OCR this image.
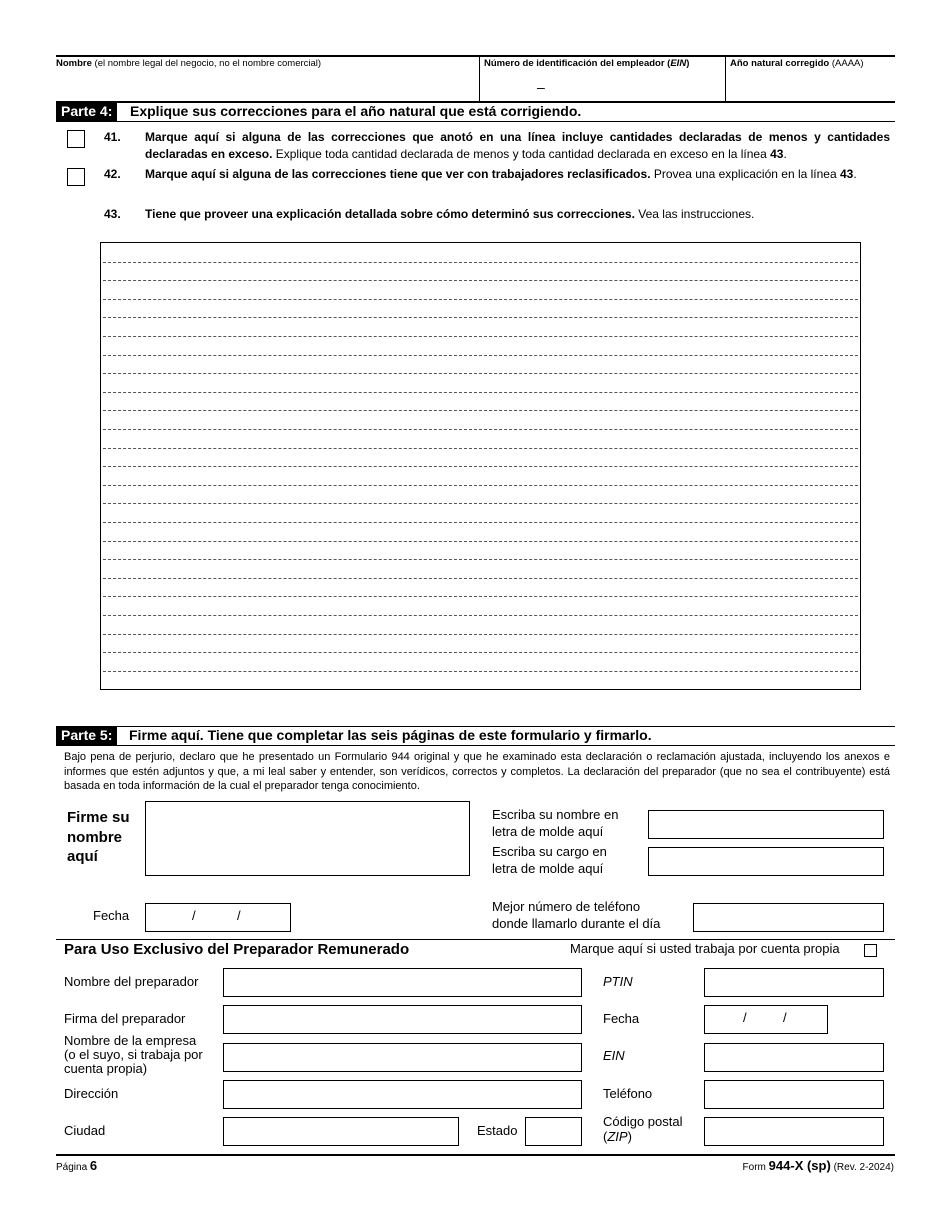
Nombre (el nombre legal del negocio, no el nombre comercial)	Número de identificación del empleador (EIN)
–
Año natural corregido (AAAA)
Parte 4:	Explique sus correcciones para el año natural que está corrigiendo.
41. Marque aquí si alguna de las correcciones que anotó en una línea incluye cantidades declaradas de menos y cantidades declaradas en exceso. Explique toda cantidad declarada de menos y toda cantidad declarada en exceso en la línea 43.
42. Marque aquí si alguna de las correcciones tiene que ver con trabajadores reclasificados. Provea una explicación en la línea 43.
43. Tiene que proveer una explicación detallada sobre cómo determinó sus correcciones. Vea las instrucciones.
Parte 5:	Firme aquí. Tiene que completar las seis páginas de este formulario y firmarlo.
Bajo pena de perjurio, declaro que he presentado un Formulario 944 original y que he examinado esta declaración o reclamación ajustada, incluyendo los anexos e informes que estén adjuntos y que, a mi leal saber y entender, son verídicos, correctos y completos. La declaración del preparador (que no sea el contribuyente) está basada en toda información de la cual el preparador tenga conocimiento.
Firme su
nombre
aquí
Escriba su nombre en
letra de molde aquí
Escriba su cargo en
letra de molde aquí
Fecha	/	/
Mejor número de teléfono
donde llamarlo durante el día
Para Uso Exclusivo del Preparador Remunerado	Marque aquí si usted trabaja por cuenta propia
Nombre del preparador
Firma del preparador
Nombre de la empresa
(o el suyo, si trabaja por
cuenta propia)
Dirección
Ciudad	Estado
PTIN
Fecha	/	/
EIN
Teléfono
Código postal
(ZIP)
Página 6	Form 944-X (sp) (Rev. 2-2024)
